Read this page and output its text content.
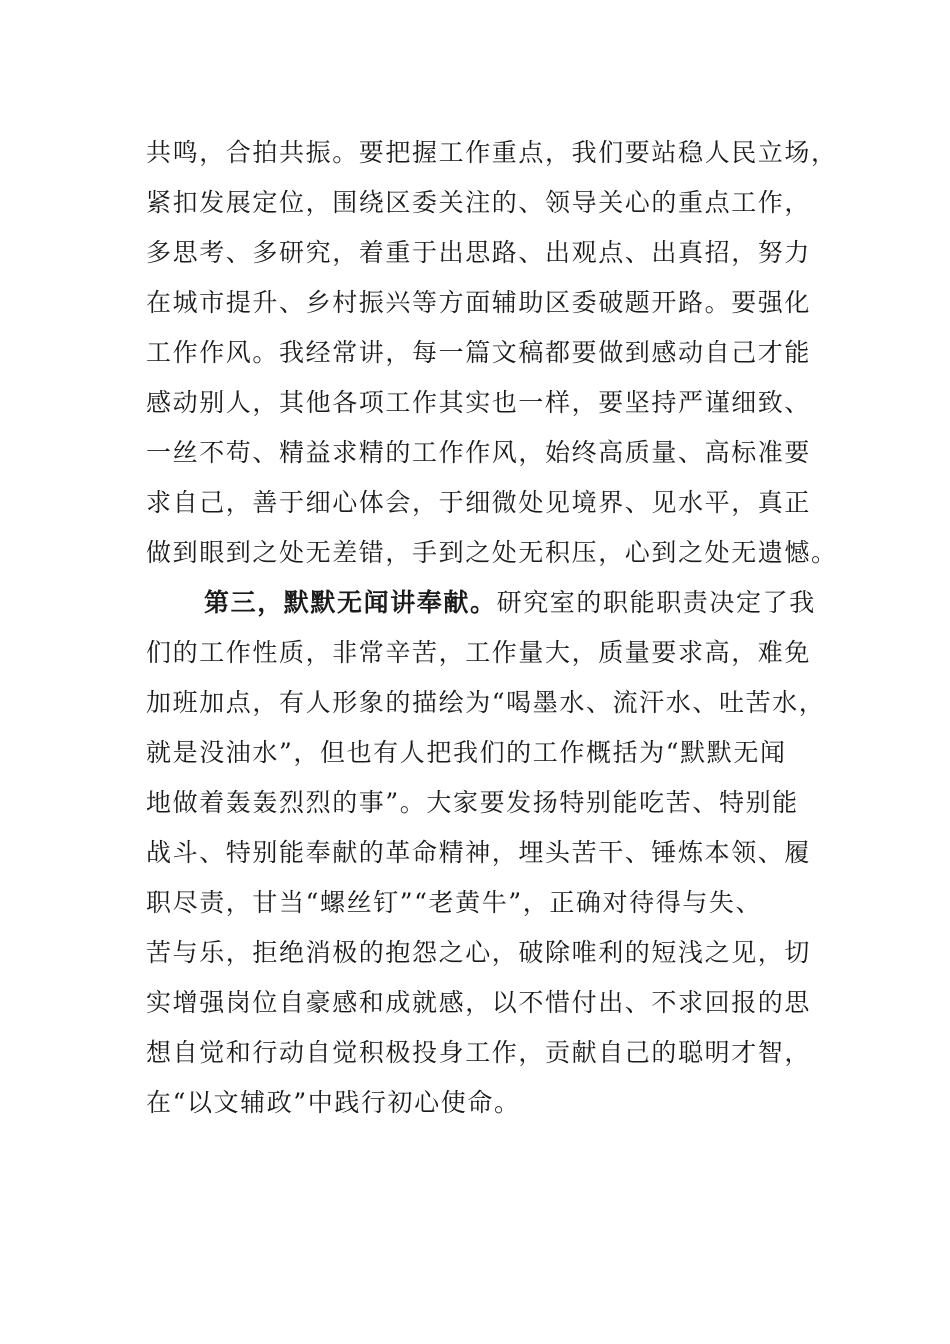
共鸣，合拍共振。要把握工作重点，我们要站稳人民立场，
紧扣发展定位，围绕区委关注的、领导关心的重点工作，
多思考、多研究，着重于出思路、出观点、出真招，努力
在城市提升、乡村振兴等方面辅助区委破题开路。要强化
工作作风。我经常讲，每一篇文稿都要做到感动自己才能
感动别人，其他各项工作其实也一样，要坚持严谨细致、
一丝不苟、精益求精的工作作风，始终高质量、高标准要
求自己，善于细心体会，于细微处见境界、见水平，真正
做到眼到之处无差错，手到之处无积压，心到之处无遗憾。
第三，默默无闻讲奉献。研究室的职能职责决定了我
们的工作性质，非常辛苦，工作量大，质量要求高，难免
加班加点，有人形象的描绘为“喝墨水、流汗水、吐苦水，
就是没油水”，但也有人把我们的工作概括为“默默无闻
地做着轰轰烈烈的事”。大家要发扬特别能吃苦、特别能
战斗、特别能奉献的革命精神，埋头苦干、锤炼本领、履
职尽责，甘当“螺丝钉”“老黄牛”，正确对待得与失、
苦与乐，拒绝消极的抱怨之心，破除唯利的短浅之见，切
实增强岗位自豪感和成就感，以不惜付出、不求回报的思
想自觉和行动自觉积极投身工作，贡献自己的聪明才智，
在“以文辅政”中践行初心使命。
